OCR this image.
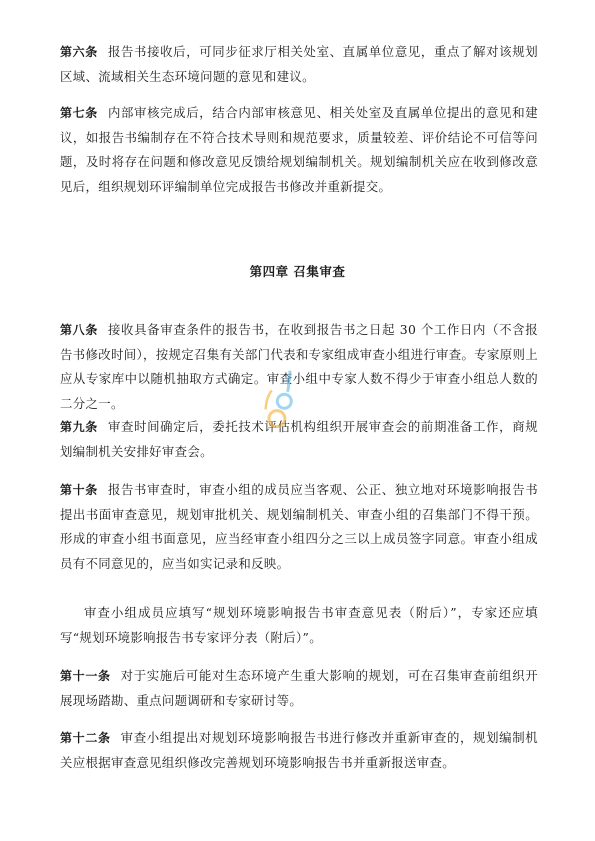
第六条 报告书接收后，可同步征求厅相关处室、直属单位意见，重点了解对该规划区域、流域相关生态环境问题的意见和建议。

第七条 内部审核完成后，结合内部审核意见、相关处室及直属单位提出的意见和建议，如报告书编制存在不符合技术导则和规范要求，质量较差、评价结论不可信等问题，及时将存在问题和修改意见反馈给规划编制机关。规划编制机关应在收到修改意见后，组织规划环评编制单位完成报告书修改并重新提交。

第四章 召集审查

第八条 接收具备审查条件的报告书，在收到报告书之日起 30 个工作日内（不含报告书修改时间），按规定召集有关部门代表和专家组成审查小组进行审查。专家原则上应从专家库中以随机抽取方式确定。审查小组中专家人数不得少于审查小组总人数的二分之一。

第九条 审查时间确定后，委托技术评估机构组织开展审查会的前期准备工作，商规划编制机关安排好审查会。

第十条 报告书审查时，审查小组的成员应当客观、公正、独立地对环境影响报告书提出书面审查意见，规划审批机关、规划编制机关、审查小组的召集部门不得干预。形成的审查小组书面意见，应当经审查小组四分之三以上成员签字同意。审查小组成员有不同意见的，应当如实记录和反映。

审查小组成员应填写“规划环境影响报告书审查意见表（附后）”，专家还应填写“规划环境影响报告书专家评分表（附后）”。

第十一条 对于实施后可能对生态环境产生重大影响的规划，可在召集审查前组织开展现场踏勘、重点问题调研和专家研讨等。

第十二条 审查小组提出对规划环境影响报告书进行修改并重新审查的，规划编制机关应根据审查意见组织修改完善规划环境影响报告书并重新报送审查。
